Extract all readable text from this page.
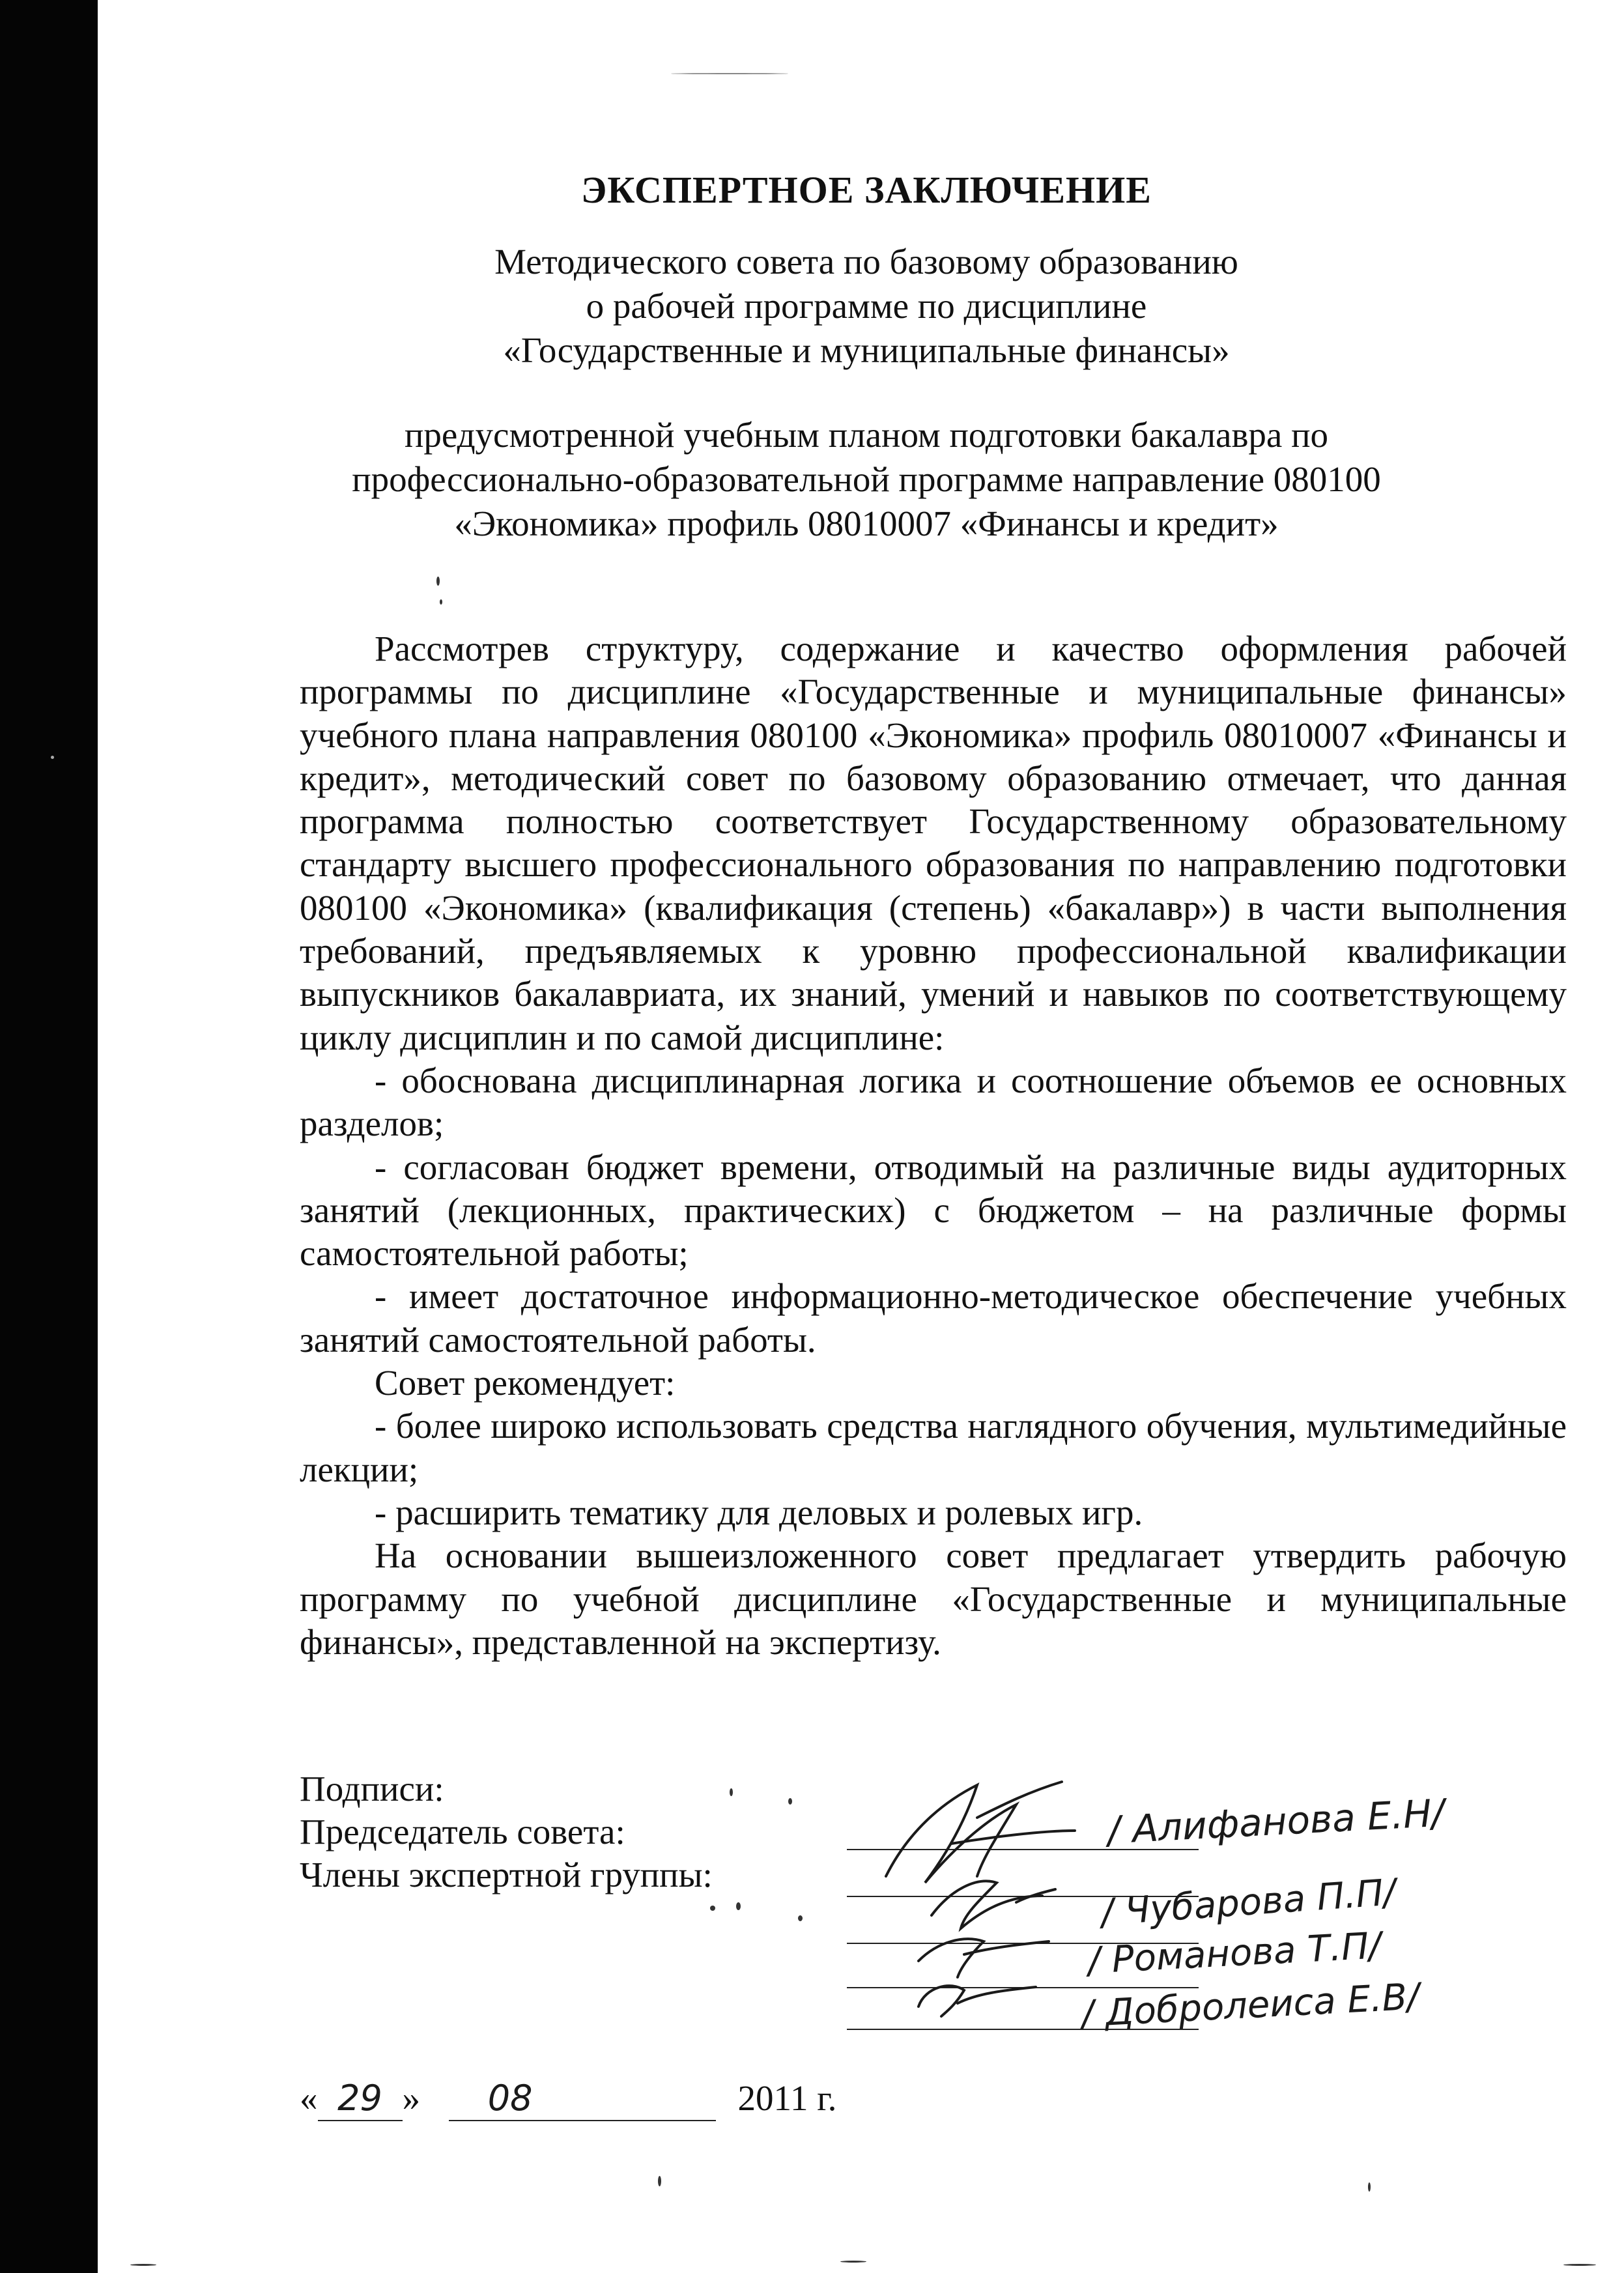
ЭКСПЕРТНОЕ ЗАКЛЮЧЕНИЕ
Методического совета по базовому образованию
о рабочей программе по дисциплине
«Государственные и муниципальные финансы»
предусмотренной учебным планом подготовки бакалавра по
профессионально-образовательной программе направление 080100
«Экономика» профиль 08010007 «Финансы и кредит»

Рассмотрев структуру, содержание и качество оформления рабочей программы по дисциплине «Государственные и муниципальные финансы» учебного плана направления 080100 «Экономика» профиль 08010007 «Финансы и кредит», методический совет по базовому образованию отмечает, что данная программа полностью соответствует Государственному образовательному стандарту высшего профессионального образования по направлению подготовки 080100 «Экономика» (квалификация (степень) «бакалавр») в части выполнения требований, предъявляемых к уровню профессиональной квалификации выпускников бакалавриата, их знаний, умений и навыков по соответствующему циклу дисциплин и по самой дисциплине:

- обоснована дисциплинарная логика и соотношение объемов ее основных разделов;

- согласован бюджет времени, отводимый на различные виды аудиторных занятий (лекционных, практических) с бюджетом – на различные формы самостоятельной работы;

- имеет достаточное информационно-методическое обеспечение учебных занятий самостоятельной работы.

Совет рекомендует:

- более широко использовать средства наглядного обучения, мультимедийные лекции;

- расширить тематику для деловых и ролевых игр.

На основании вышеизложенного совет предлагает утвердить рабочую программу по учебной дисциплине «Государственные и муниципальные финансы», представленной на экспертизу.

Подписи:
Председатель совета:
Члены экспертной группы:
/ Алифанова Е.Н/
/ Чубарова П.П/
/ Романова Т.П/
/ Добролеиса Е.В/
« 29 » 08	2011 г.
